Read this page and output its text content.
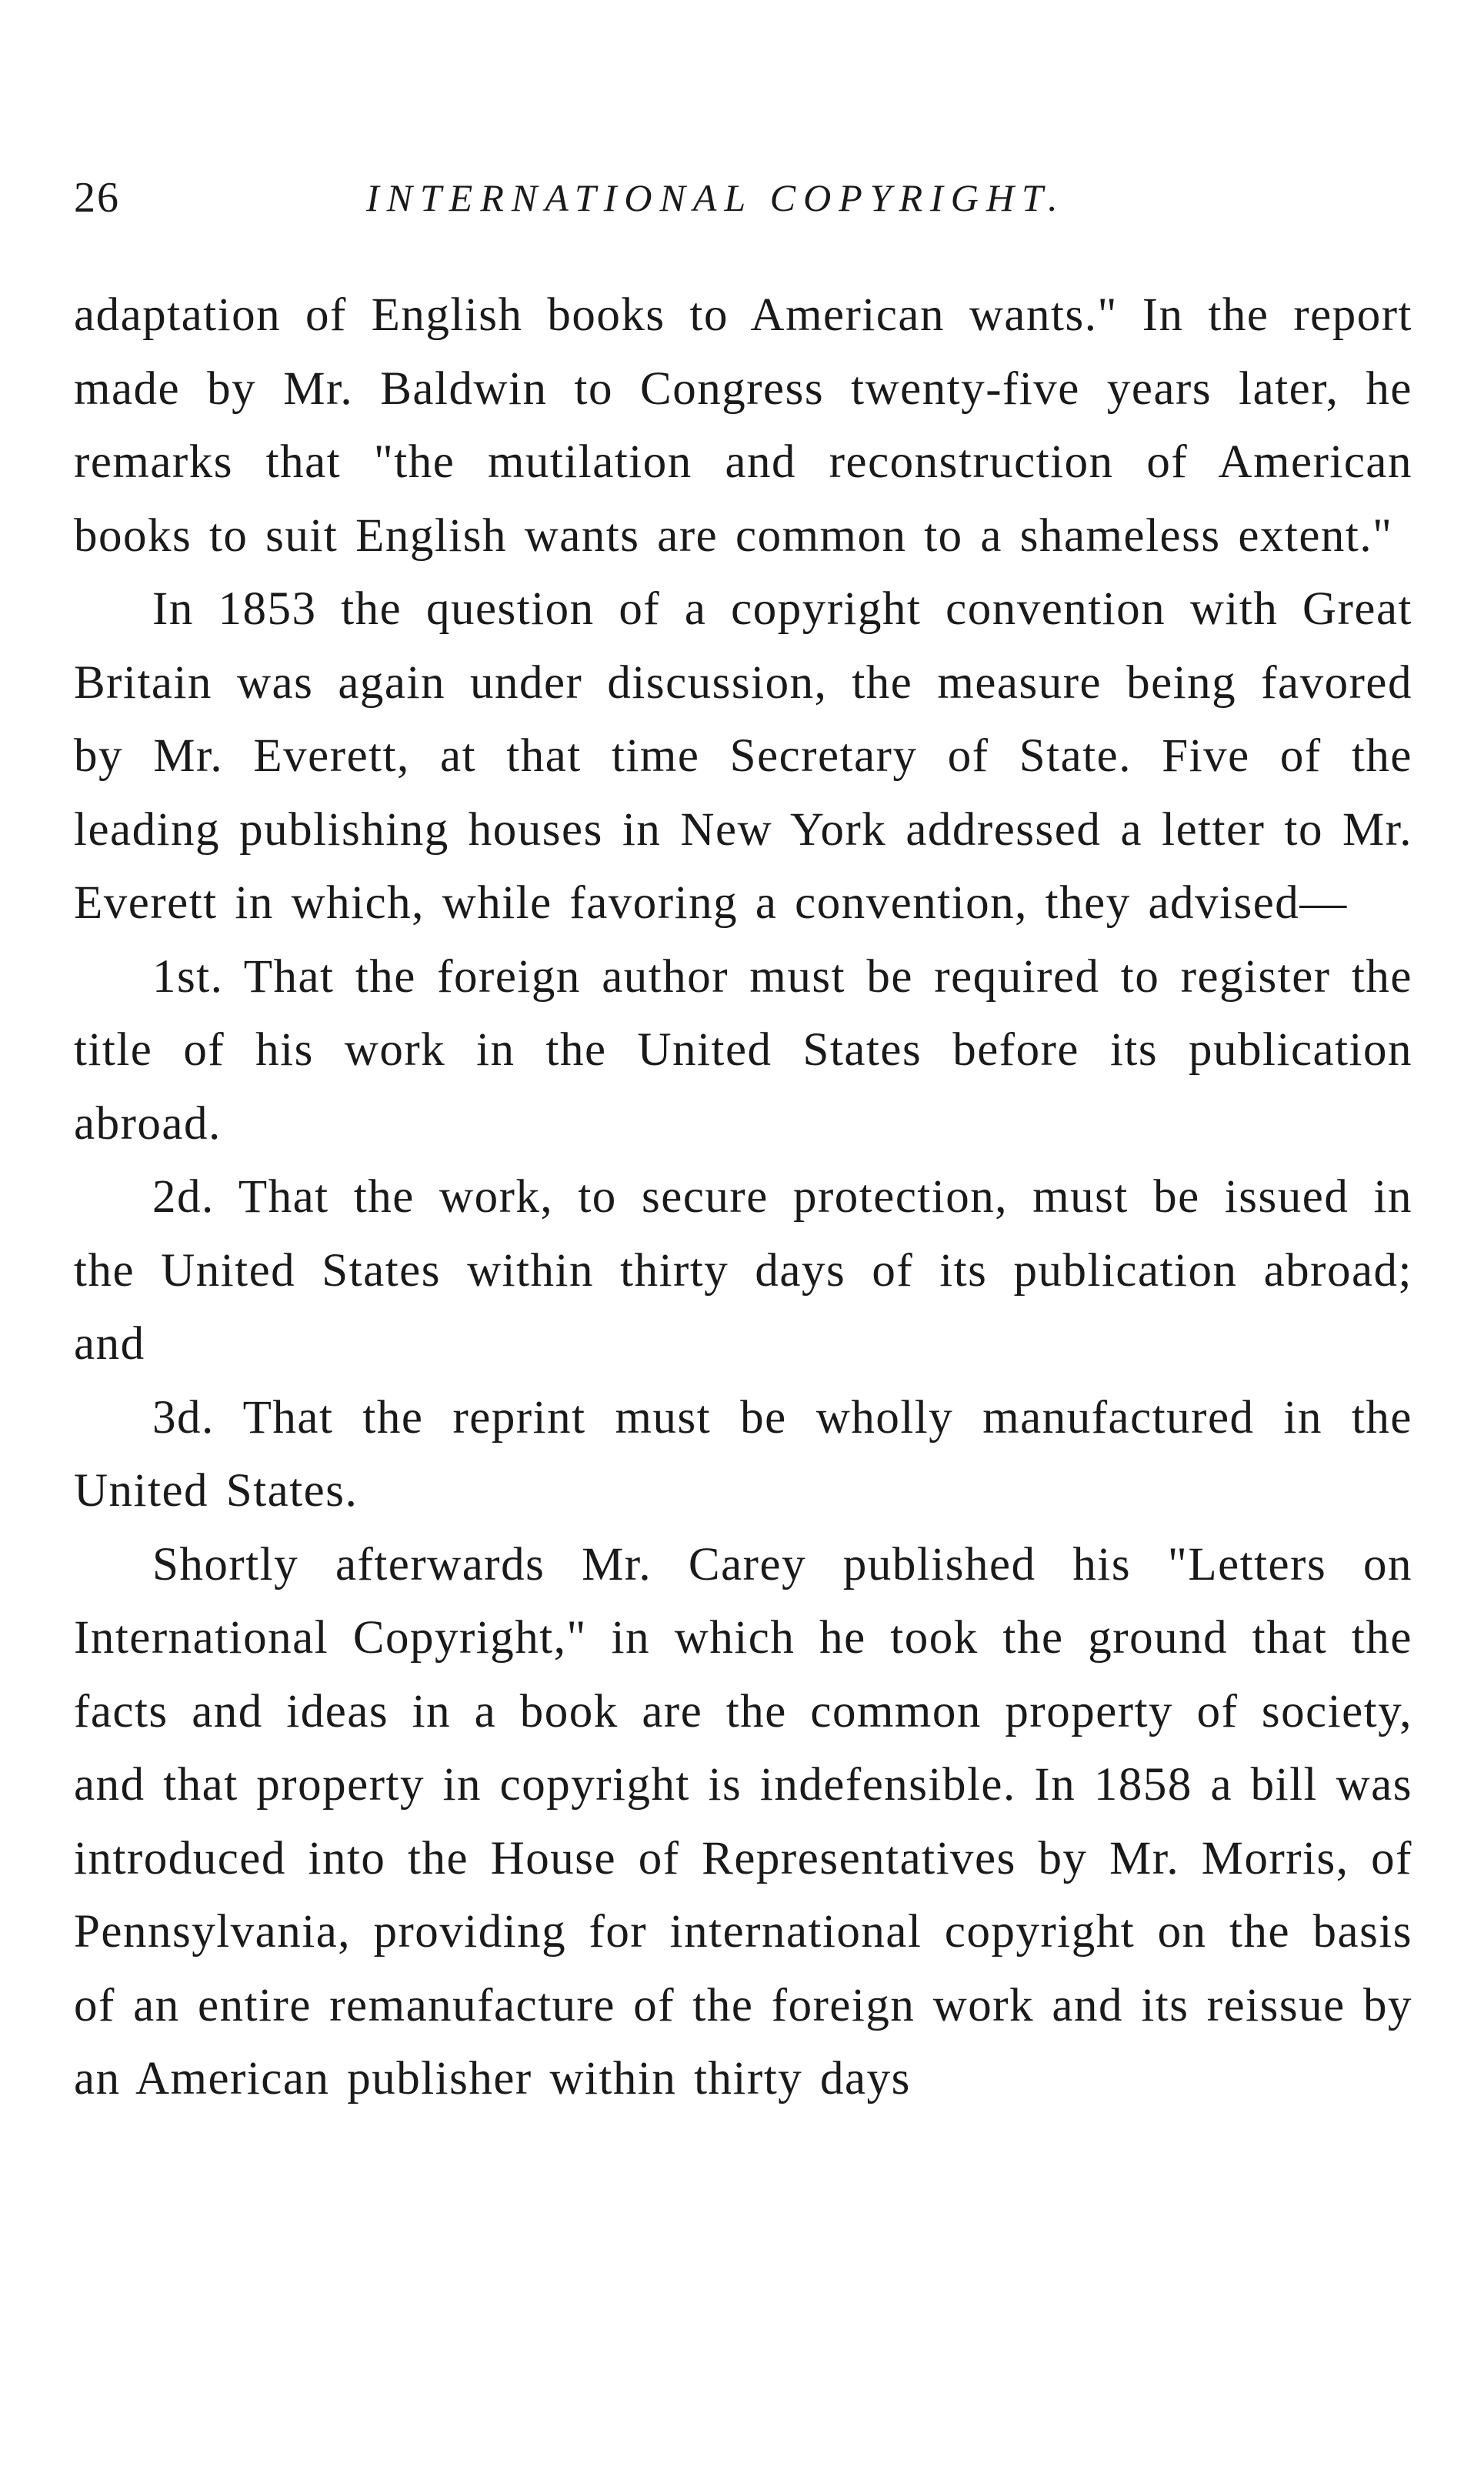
26	INTERNATIONAL COPYRIGHT.

adaptation of English books to American wants." In the report made by Mr. Baldwin to Congress twenty-five years later, he remarks that "the mutilation and reconstruction of American books to suit English wants are common to a shameless extent."

In 1853 the question of a copyright convention with Great Britain was again under discussion, the measure being favored by Mr. Everett, at that time Secretary of State. Five of the leading publishing houses in New York addressed a letter to Mr. Everett in which, while favoring a convention, they advised—

1st. That the foreign author must be required to register the title of his work in the United States before its publication abroad.

2d. That the work, to secure protection, must be issued in the United States within thirty days of its publication abroad; and

3d. That the reprint must be wholly manufactured in the United States.

Shortly afterwards Mr. Carey published his "Letters on International Copyright," in which he took the ground that the facts and ideas in a book are the common property of society, and that property in copyright is indefensible. In 1858 a bill was introduced into the House of Representatives by Mr. Morris, of Pennsylvania, providing for international copyright on the basis of an entire remanufacture of the foreign work and its reissue by an American publisher within thirty days
